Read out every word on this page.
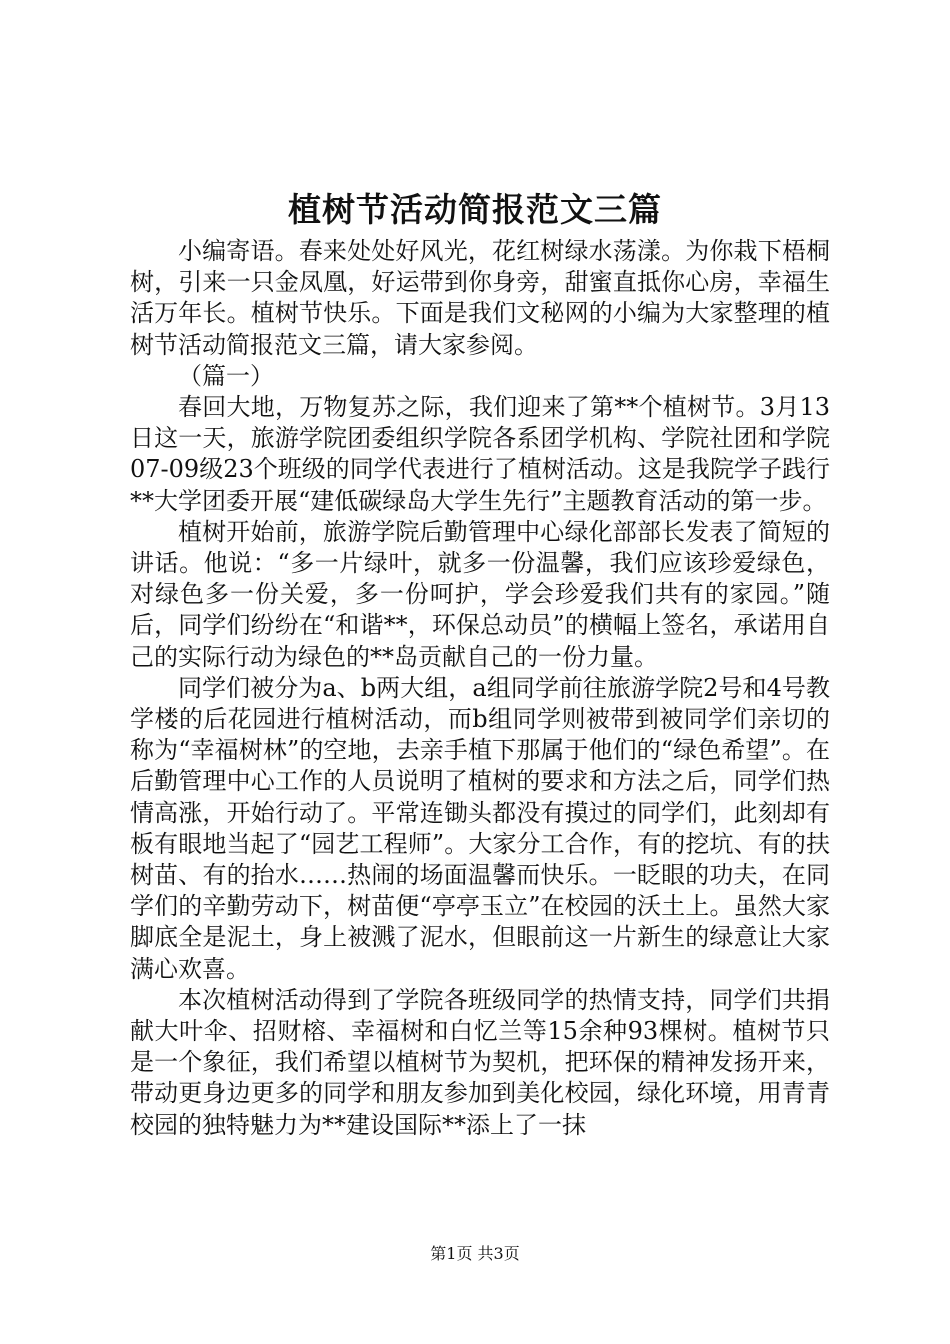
植树节活动简报范文三篇

小编寄语。春来处处好风光，花红树绿水荡漾。为你栽下梧桐树，引来一只金凤凰，好运带到你身旁，甜蜜直抵你心房，幸福生活万年长。植树节快乐。下面是我们文秘网的小编为大家整理的植树节活动简报范文三篇，请大家参阅。

（篇一）

春回大地，万物复苏之际，我们迎来了第**个植树节。3月13日这一天，旅游学院团委组织学院各系团学机构、学院社团和学院07-09级23个班级的同学代表进行了植树活动。这是我院学子践行**大学团委开展“建低碳绿岛大学生先行”主题教育活动的第一步。

植树开始前，旅游学院后勤管理中心绿化部部长发表了简短的讲话。他说：“多一片绿叶，就多一份温馨，我们应该珍爱绿色，对绿色多一份关爱，多一份呵护，学会珍爱我们共有的家园。”随后，同学们纷纷在“和谐**，环保总动员”的横幅上签名，承诺用自己的实际行动为绿色的**岛贡献自己的一份力量。

同学们被分为a、b两大组，a组同学前往旅游学院2号和4号教学楼的后花园进行植树活动，而b组同学则被带到被同学们亲切的称为“幸福树林”的空地，去亲手植下那属于他们的“绿色希望”。在后勤管理中心工作的人员说明了植树的要求和方法之后，同学们热情高涨，开始行动了。平常连锄头都没有摸过的同学们，此刻却有板有眼地当起了“园艺工程师”。大家分工合作，有的挖坑、有的扶树苗、有的抬水……热闹的场面温馨而快乐。一眨眼的功夫，在同学们的辛勤劳动下，树苗便“亭亭玉立”在校园的沃土上。虽然大家脚底全是泥土，身上被溅了泥水，但眼前这一片新生的绿意让大家满心欢喜。

本次植树活动得到了学院各班级同学的热情支持，同学们共捐献大叶伞、招财榕、幸福树和白忆兰等15余种93棵树。植树节只是一个象征，我们希望以植树节为契机，把环保的精神发扬开来，带动更身边更多的同学和朋友参加到美化校园，绿化环境，用青青校园的独特魅力为**建设国际**添上了一抹

第1页 共3页
